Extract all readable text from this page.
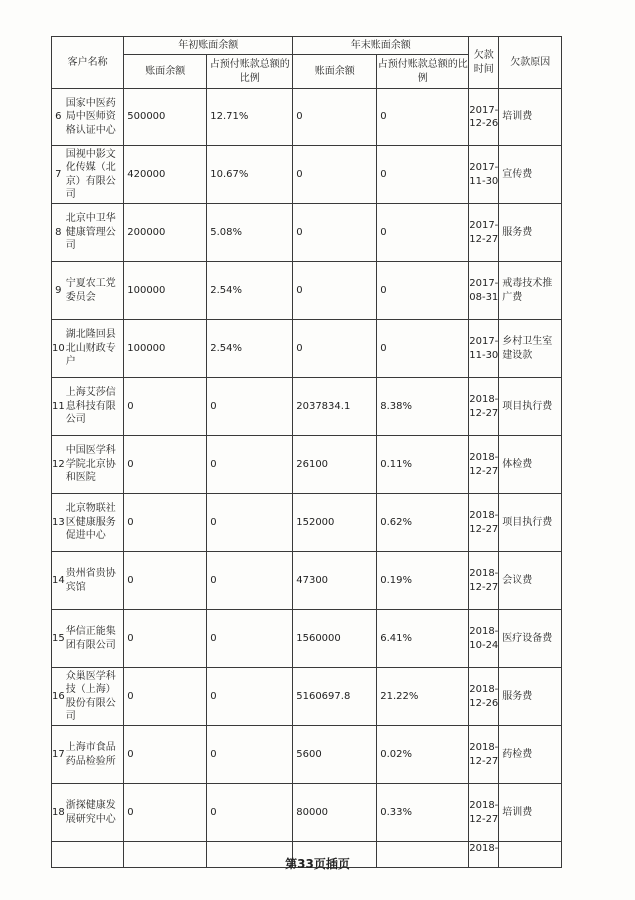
客户名称		年初账面余额		年末账面余额		欠款时间	欠款原因
		账面余额	占预付账款总额的比例	账面余额	占预付账款总额的比例		
6	国家中医药局中医师资格认证中心	500000	12.71%	0	0	2017-12-26	培训费
7	国视中影文化传媒（北京）有限公司	420000	10.67%	0	0	2017-11-30	宣传费
8	北京中卫华健康管理公司	200000	5.08%	0	0	2017-12-27	服务费
9	宁夏农工党委员会	100000	2.54%	0	0	2017-08-31	戒毒技术推广费
10	湖北隆回县北山财政专户	100000	2.54%	0	0	2017-11-30	乡村卫生室建设款
11	上海艾莎信息科技有限公司	0	0	2037834.1	8.38%	2018-12-27	项目执行费
12	中国医学科学院北京协和医院	0	0	26100	0.11%	2018-12-27	体检费
13	北京物联社区健康服务促进中心	0	0	152000	0.62%	2018-12-27	项目执行费
14	贵州省贵协宾馆	0	0	47300	0.19%	2018-12-27	会议费
15	华信正能集团有限公司	0	0	1560000	6.41%	2018-10-24	医疗设备费
16	众巢医学科技（上海）股份有限公司	0	0	5160697.8	21.22%	2018-12-26	服务费
17	上海市食品药品检验所	0	0	5600	0.02%	2018-12-27	药检费
18	浙探健康发展研究中心	0	0	80000	0.33%	2018-12-27	培训费
						2018-	
第33页插页
